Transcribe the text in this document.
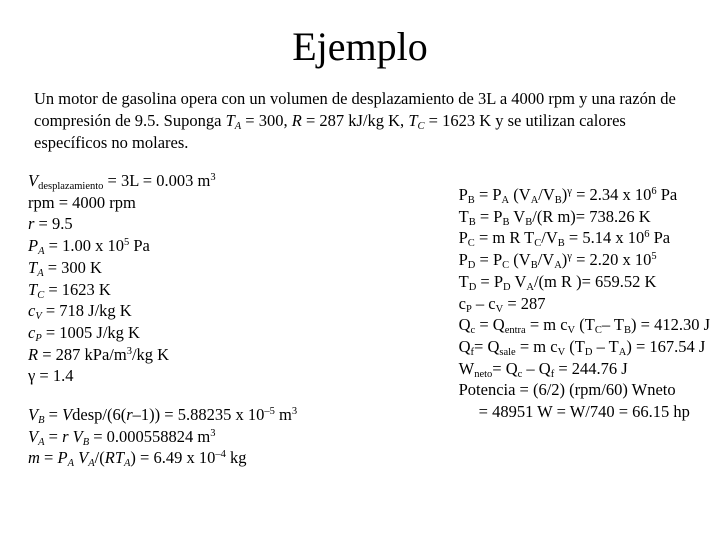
Ejemplo
Un motor de gasolina opera con un volumen de desplazamiento de 3L a 4000 rpm y una razón de compresión de 9.5. Suponga $T_A = 300$, R = 287 kJ/kg K, $T_C = 1623$ K y se utilizan calores específicos no molares.
$V_{desplazamiento} = 3L = 0.003$ $m^3$
rpm = 4000 rpm
r = 9.5
$P_A = 1.00$ x $10^5$ Pa
$T_A = 300$ K
$T_C = 1623$ K
$c_V = 718$ J/kg K
$c_P = 1005$ J/kg K
R = 287 kPa/$m^3/kg$ K
γ = 1.4
$V_B$ = Vdesp/(6(r–1)) = 5.88235 x $10^{-5}$ $m^3$
$V_A = r$ $V_B = 0.000558824$ $m^3$
$m = P_A$ $V_A/(RT_A) = 6.49$ x $10^{-4}$ kg
$P_B = P_A$ $(V_A/V_B)^\gamma = 2.34$ x $10^6$ Pa
$T_B = P_B$ $V_B/(R$ m)= 738.26 K
$P_C = m$ R $T_C/V_B = 5.14$ x $10^6$ Pa
$P_D = P_C$ $(V_B/V_A)^\gamma = 2.20$ x $10^5$
$T_D = P_D$ $V_A/(m$ R )= 659.52 K
$c_P - c_V = 287$
$Q_c = Q_{entra} = m$ $c_V$ ($T_C-$ $T_B) = 412.30$ J
$Q_f= Q_{sale} = m$ $c_V$ $(T_D - T_A) = 167.54$ J
$W_{neto}= Q_c - Q_f = 244.76$ J
Potencia = (6/2) (rpm/60) Wneto
= 48951 W = W/740 = 66.15 hp
